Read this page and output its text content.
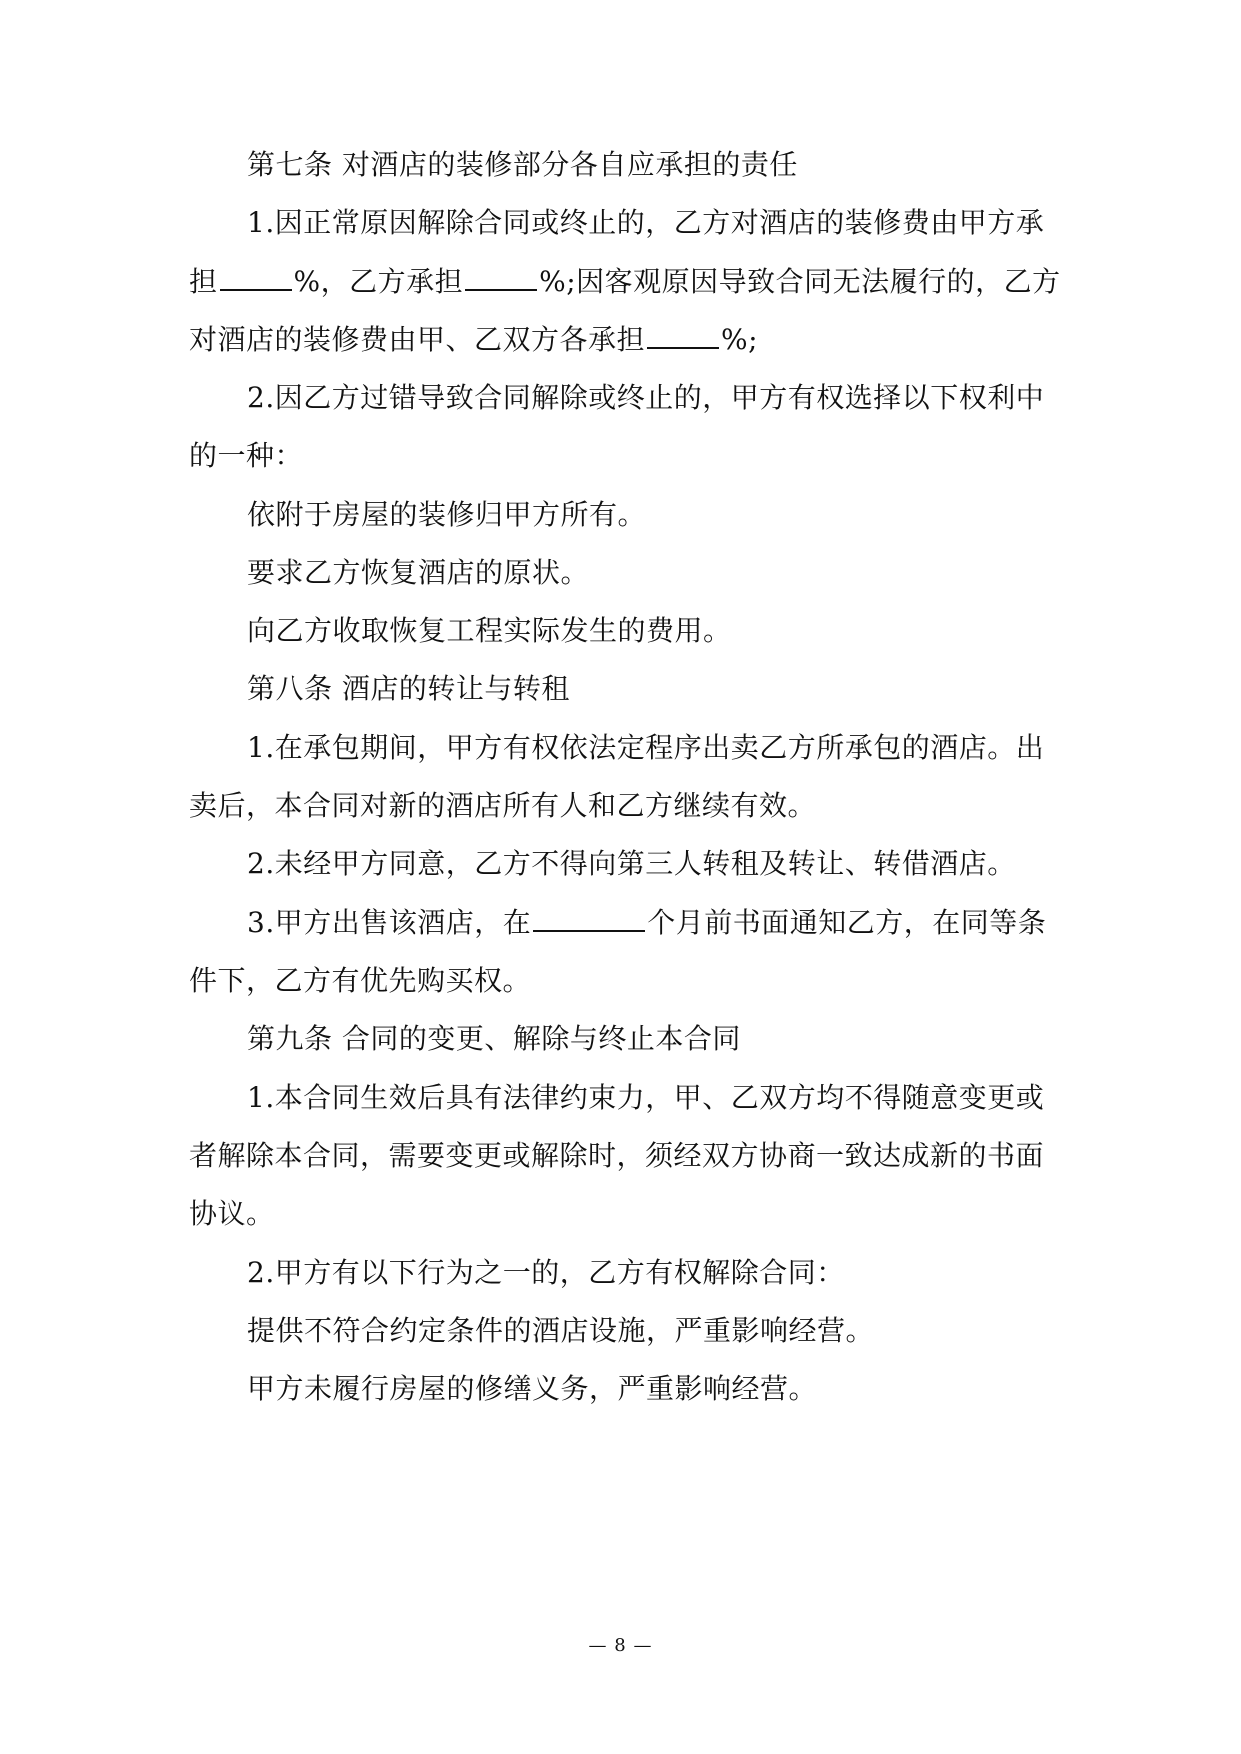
第七条 对酒店的装修部分各自应承担的责任
1.因正常原因解除合同或终止的，乙方对酒店的装修费由甲方承
担	%，乙方承担	%;因客观原因导致合同无法履行的，乙方
对酒店的装修费由甲、乙双方各承担	%;
2.因乙方过错导致合同解除或终止的，甲方有权选择以下权利中
的一种：
依附于房屋的装修归甲方所有。
要求乙方恢复酒店的原状。
向乙方收取恢复工程实际发生的费用。
第八条 酒店的转让与转租
1.在承包期间，甲方有权依法定程序出卖乙方所承包的酒店。出
卖后，本合同对新的酒店所有人和乙方继续有效。
2.未经甲方同意，乙方不得向第三人转租及转让、转借酒店。
3.甲方出售该酒店，在	个月前书面通知乙方，在同等条
件下，乙方有优先购买权。
第九条 合同的变更、解除与终止本合同
1.本合同生效后具有法律约束力，甲、乙双方均不得随意变更或
者解除本合同，需要变更或解除时，须经双方协商一致达成新的书面
协议。
2.甲方有以下行为之一的，乙方有权解除合同：
提供不符合约定条件的酒店设施，严重影响经营。
甲方未履行房屋的修缮义务，严重影响经营。
— 8 —
